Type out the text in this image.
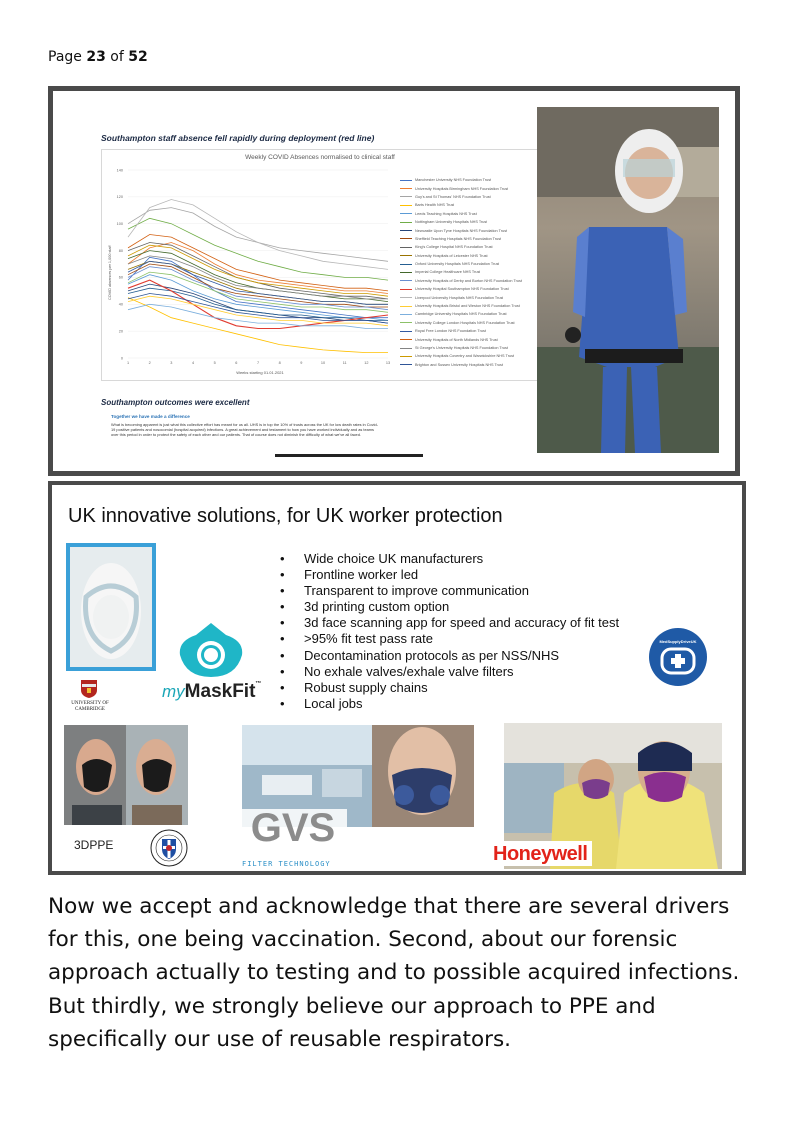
Page 23 of 52
Southampton staff absence fell rapidly during deployment (red line)
Weekly COVID Absences normalised to clinical staff
COVID absences per 1,000 staff
Weeks starting 01.01.2021
0
20
40
60
80
100
120
140
1	2	3	4	5	6	7	8	9	10	11	12	13
Manchester University NHS Foundation Trust
University Hospitals Birmingham NHS Foundation Trust
Guy's and St Thomas' NHS Foundation Trust
Barts Health NHS Trust
Leeds Teaching Hospitals NHS Trust
Nottingham University Hospitals NHS Trust
Newcastle Upon Tyne Hospitals NHS Foundation Trust
Sheffield Teaching Hospitals NHS Foundation Trust
King's College Hospital NHS Foundation Trust
University Hospitals of Leicester NHS Trust
Oxford University Hospitals NHS Foundation Trust
Imperial College Healthcare NHS Trust
University Hospitals of Derby and Burton NHS Foundation Trust
University Hospital Southampton NHS Foundation Trust
Liverpool University Hospitals NHS Foundation Trust
University Hospitals Bristol and Weston NHS Foundation Trust
Cambridge University Hospitals NHS Foundation Trust
University College London Hospitals NHS Foundation Trust
Royal Free London NHS Foundation Trust
University Hospitals of North Midlands NHS Trust
St George's University Hospitals NHS Foundation Trust
University Hospitals Coventry and Warwickshire NHS Trust
Brighton and Sussex University Hospitals NHS Trust
Southampton outcomes were excellent
Together we have made a difference
What is becoming apparent is just what this collective effort has meant for us all. UHS is in top the 10% of trusts across the UK for low death rates in Covid-19 positive patients and nosocomial (hospital acquired) infections. A great achievement and testament to how you have worked individually and as teams over this period in order to protect the safety of each other and our patients. That of course does not diminish the difficulty of what we've all faced.
UK innovative solutions, for UK worker protection
UNIVERSITY OF
CAMBRIDGE
myMaskFit™
• Wide choice UK manufacturers
• Frontline worker led
• Transparent to improve communication
• 3d printing custom option
• 3d face scanning app for speed and accuracy of fit test
• >95% fit test pass rate
• Decontamination protocols as per NSS/NHS
• No exhale valves/exhale valve filters
• Robust supply chains
• Local jobs
MedSupplyDriveUK
3DPPE	GVS
FILTER TECHNOLOGY	Honeywell
Now we accept and acknowledge that there are several drivers for this, one being vaccination. Second, about our forensic approach actually to testing and to possible acquired infections. But thirdly, we strongly believe our approach to PPE and specifically our use of reusable respirators.
